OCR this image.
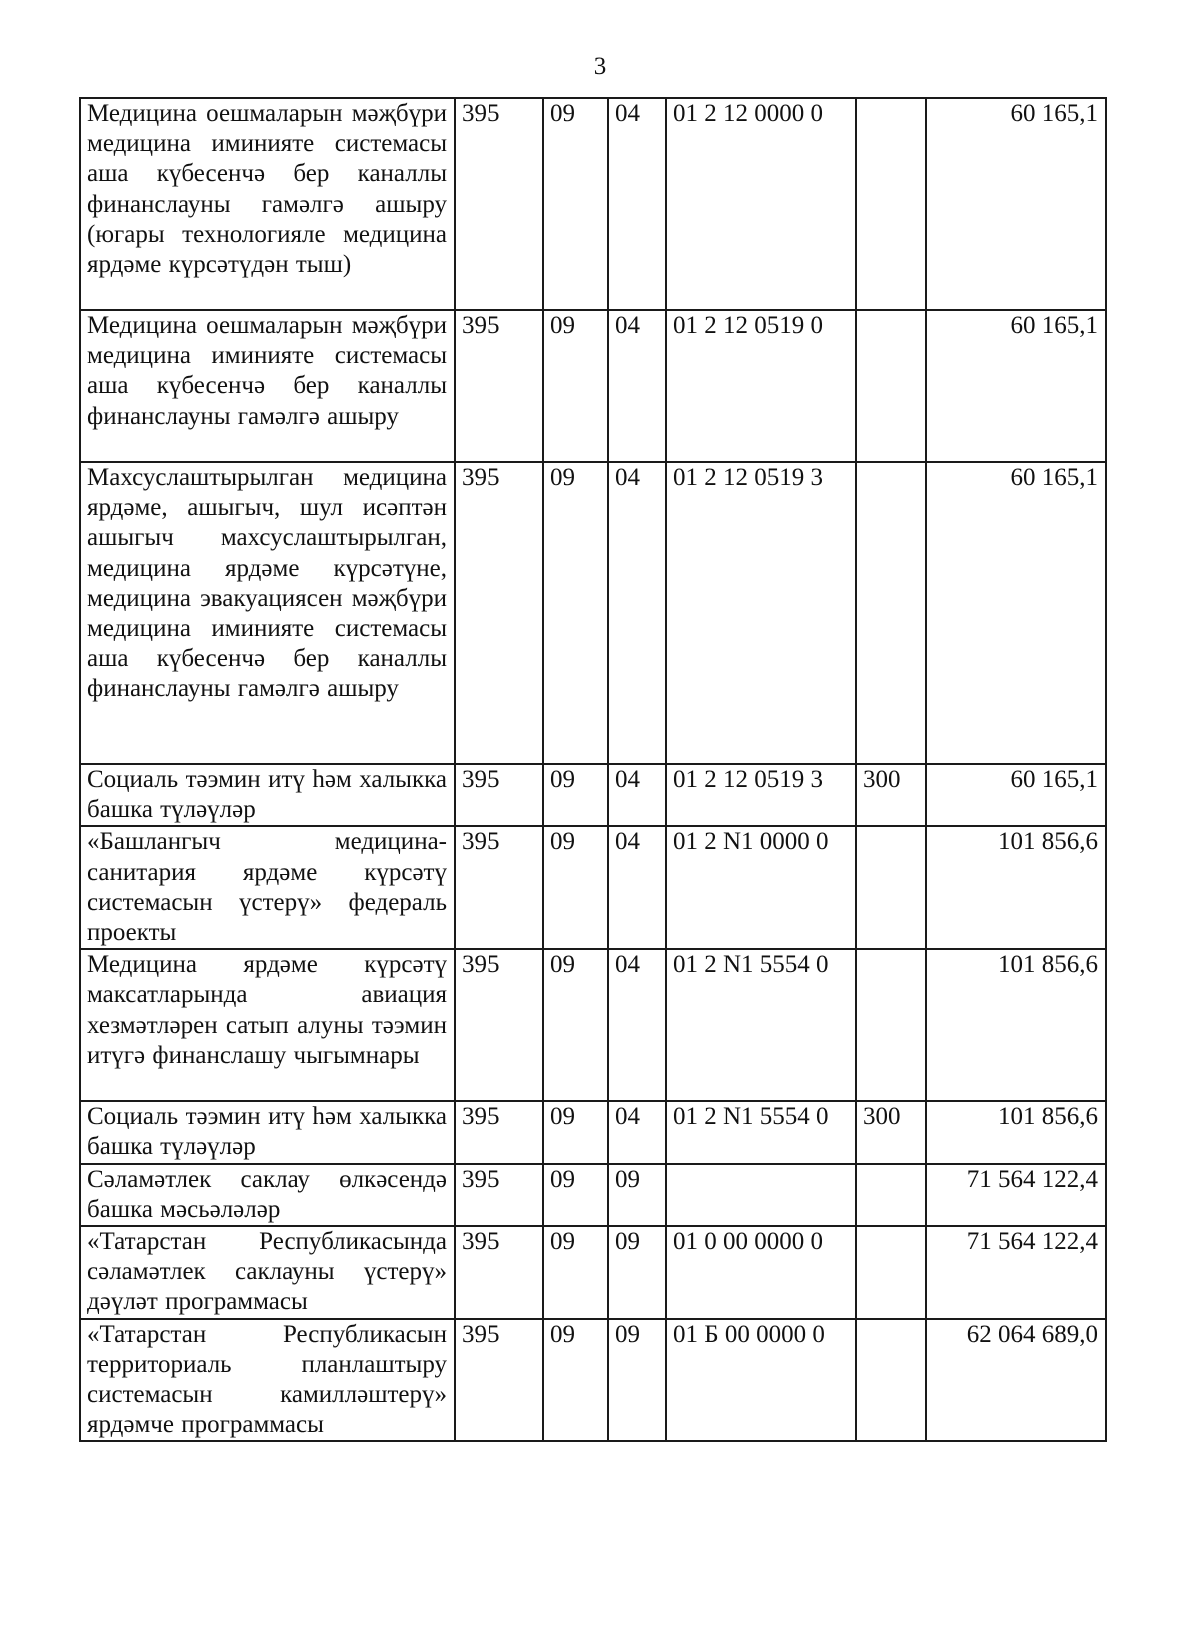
3
Медицина оешмаларын мәҗбүри медицина иминияте системасы аша күбесенчә бер каналлы финанслауны гамәлгә ашыру (югары технологияле медицина ярдәме күрсәтүдән тыш)	395	09	04	01 2 12 0000 0		60 165,1
Медицина оешмаларын мәҗбүри медицина иминияте системасы аша күбесенчә бер каналлы финанслауны гамәлгә ашыру	395	09	04	01 2 12 0519 0		60 165,1
Махсуслаштырылган медицина ярдәме, ашыгыч, шул исәптән ашыгыч махсуслаштырылган, медицина ярдәме күрсәтүне, медицина эвакуациясен мәҗбүри медицина иминияте системасы аша күбесенчә бер каналлы финанслауны гамәлгә ашыру	395	09	04	01 2 12 0519 3		60 165,1
Социаль тәэмин итү һәм халыкка башка түләүләр	395	09	04	01 2 12 0519 3	300	60 165,1
«Башлангыч медицина-санитария ярдәме күрсәтү системасын үстерү» федераль проекты	395	09	04	01 2 N1 0000 0		101 856,6
Медицина ярдәме күрсәтү максатларында авиация хезмәтләрен сатып алуны тәэмин итүгә финанслашу чыгымнары	395	09	04	01 2 N1 5554 0		101 856,6
Социаль тәэмин итү һәм халыкка башка түләүләр	395	09	04	01 2 N1 5554 0	300	101 856,6
Сәламәтлек саклау өлкәсендә башка мәсьәләләр	395	09	09			71 564 122,4
«Татарстан Республикасында сәламәтлек саклауны үстерү» дәүләт программасы	395	09	09	01 0 00 0000 0		71 564 122,4
«Татарстан Республикасын территориаль планлаштыру системасын камилләштерү» ярдәмче программасы	395	09	09	01 Б 00 0000 0		62 064 689,0
